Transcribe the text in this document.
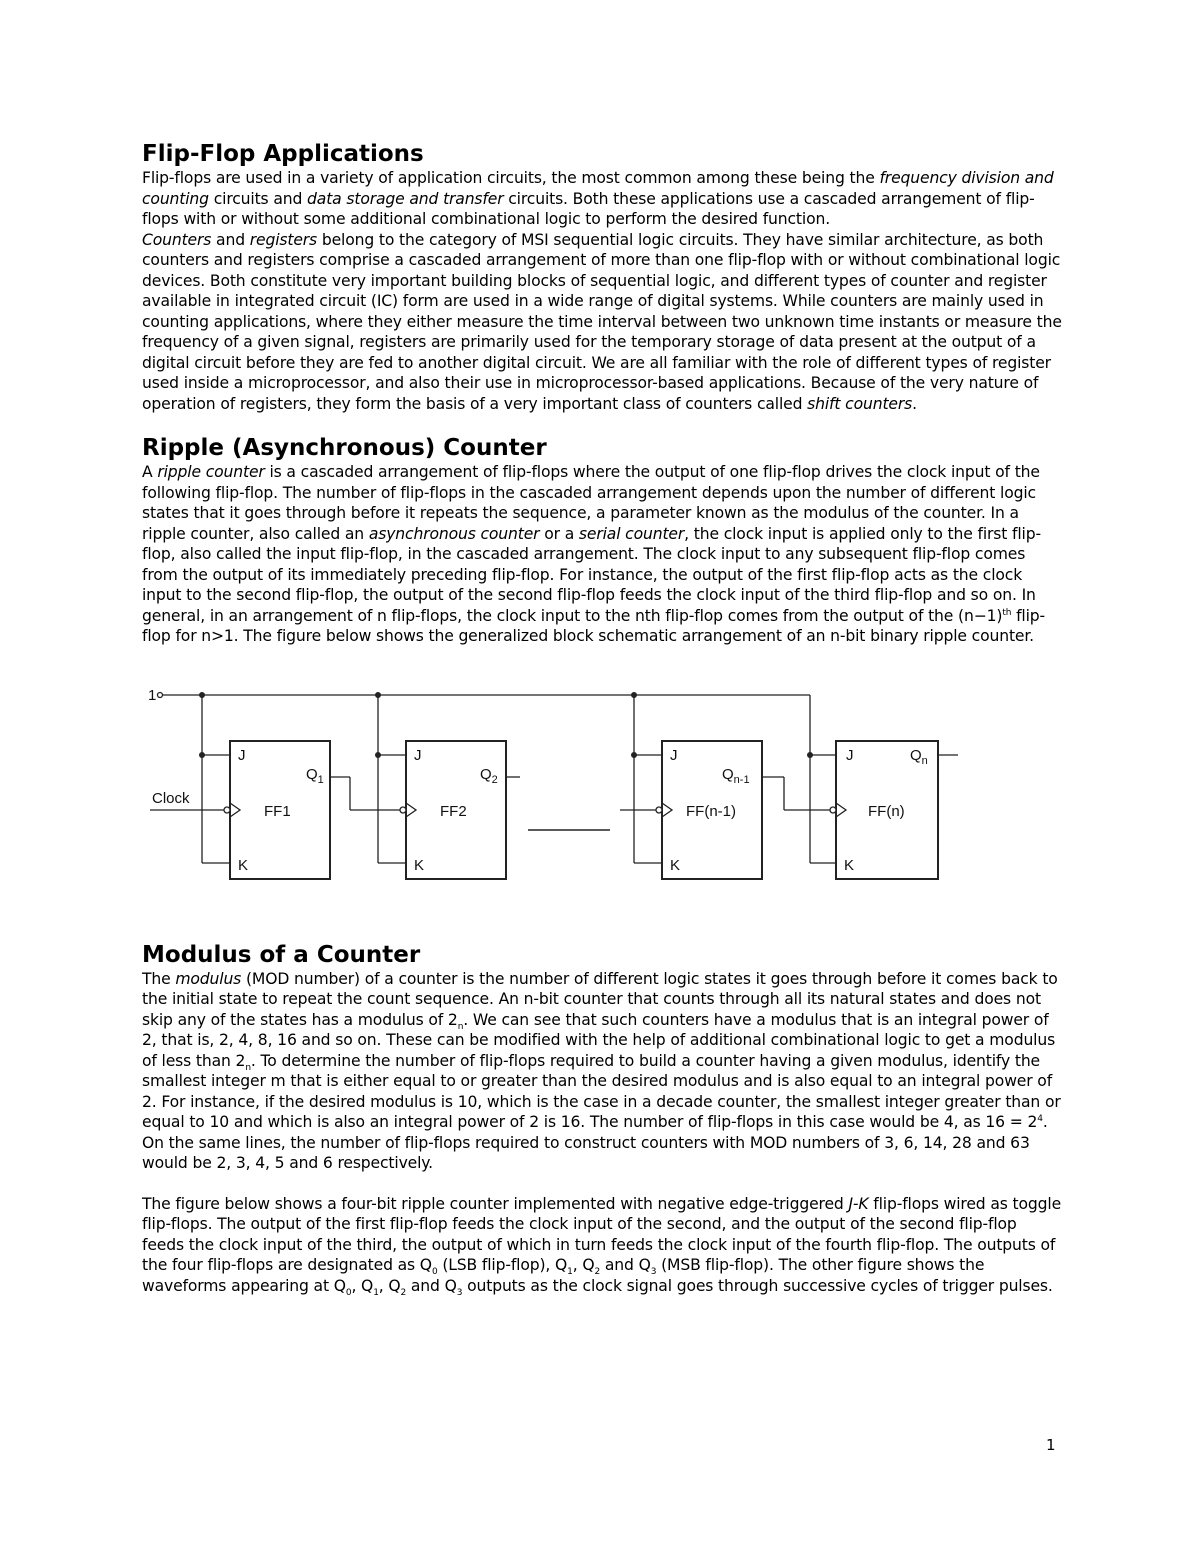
Flip-Flop Applications

Flip-flops are used in a variety of application circuits, the most common among these being the frequency division and counting circuits and data storage and transfer circuits. Both these applications use a cascaded arrangement of flip-flops with or without some additional combinational logic to perform the desired function.

Counters and registers belong to the category of MSI sequential logic circuits. They have similar architecture, as both counters and registers comprise a cascaded arrangement of more than one flip-flop with or without combinational logic devices. Both constitute very important building blocks of sequential logic, and different types of counter and register available in integrated circuit (IC) form are used in a wide range of digital systems. While counters are mainly used in counting applications, where they either measure the time interval between two unknown time instants or measure the frequency of a given signal, registers are primarily used for the temporary storage of data present at the output of a digital circuit before they are fed to another digital circuit. We are all familiar with the role of different types of register used inside a microprocessor, and also their use in microprocessor-based applications. Because of the very nature of operation of registers, they form the basis of a very important class of counters called shift counters.

Ripple (Asynchronous) Counter

A ripple counter is a cascaded arrangement of flip-flops where the output of one flip-flop drives the clock input of the following flip-flop. The number of flip-flops in the cascaded arrangement depends upon the number of different logic states that it goes through before it repeats the sequence, a parameter known as the modulus of the counter. In a ripple counter, also called an asynchronous counter or a serial counter, the clock input is applied only to the first flip-flop, also called the input flip-flop, in the cascaded arrangement. The clock input to any subsequent flip-flop comes from the output of its immediately preceding flip-flop. For instance, the output of the first flip-flop acts as the clock input to the second flip-flop, the output of the second flip-flop feeds the clock input of the third flip-flop and so on. In general, in an arrangement of n flip-flops, the clock input to the nth flip-flop comes from the output of the $(n-1)^{th}$ flip-flop for n>1. The figure below shows the generalized block schematic arrangement of an n-bit binary ripple counter.

1
Clock
J
K
FF1
$Q_1$
J
K
FF2
$Q_2$
J
K
FF(n-1)
$Q_{n-1}$
J
K
FF(n)
$Q_n$
Modulus of a Counter

The modulus (MOD number) of a counter is the number of different logic states it goes through before it comes back to the initial state to repeat the count sequence. An n-bit counter that counts through all its natural states and does not skip any of the states has a modulus of $2_n$. We can see that such counters have a modulus that is an integral power of 2, that is, 2, 4, 8, 16 and so on. These can be modified with the help of additional combinational logic to get a modulus of less than $2_n$. To determine the number of flip-flops required to build a counter having a given modulus, identify the smallest integer m that is either equal to or greater than the desired modulus and is also equal to an integral power of 2. For instance, if the desired modulus is 10, which is the case in a decade counter, the smallest integer greater than or equal to 10 and which is also an integral power of 2 is 16. The number of flip-flops in this case would be 4, as $16 = 2^4$. On the same lines, the number of flip-flops required to construct counters with MOD numbers of 3, 6, 14, 28 and 63 would be 2, 3, 4, 5 and 6 respectively.

The figure below shows a four-bit ripple counter implemented with negative edge-triggered J-K flip-flops wired as toggle flip-flops. The output of the first flip-flop feeds the clock input of the second, and the output of the second flip-flop feeds the clock input of the third, the output of which in turn feeds the clock input of the fourth flip-flop. The outputs of the four flip-flops are designated as $Q_0$ (LSB flip-flop), $Q_1$, $Q_2$ and $Q_3$ (MSB flip-flop). The other figure shows the waveforms appearing at $Q_0$, $Q_1$, $Q_2$ and $Q_3$ outputs as the clock signal goes through successive cycles of trigger pulses.

1
